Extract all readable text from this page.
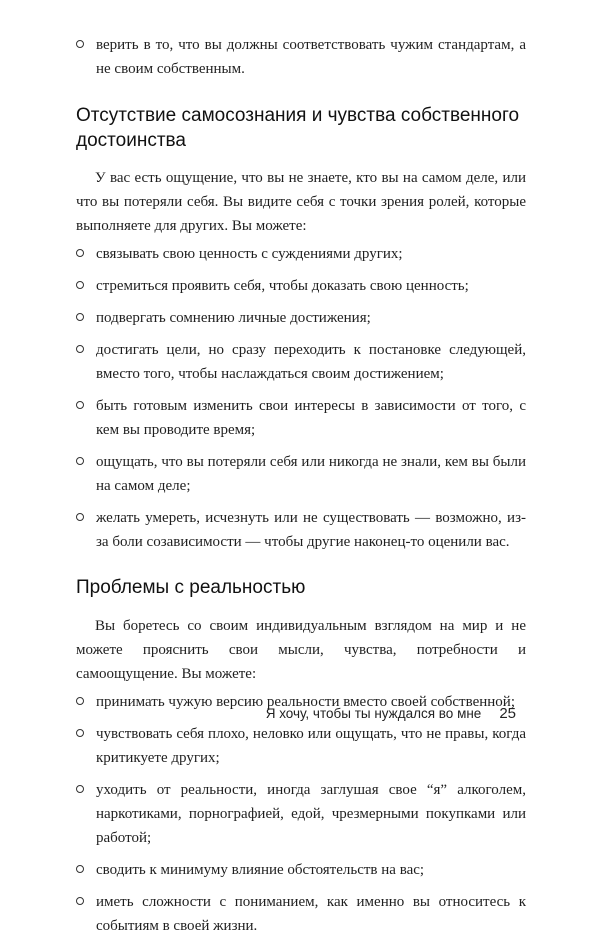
верить в то, что вы должны соответствовать чужим стандартам, а не своим собственным.
Отсутствие самосознания и чувства собственного достоинства

У вас есть ощущение, что вы не знаете, кто вы на самом деле, или что вы потеряли себя. Вы видите себя с точки зрения ролей, которые выполняете для других. Вы можете:

связывать свою ценность с суждениями других;
стремиться проявить себя, чтобы доказать свою ценность;
подвергать сомнению личные достижения;
достигать цели, но сразу переходить к постановке следующей, вместо того, чтобы наслаждаться своим достижением;
быть готовым изменить свои интересы в зависимости от того, с кем вы проводите время;
ощущать, что вы потеряли себя или никогда не знали, кем вы были на самом деле;
желать умереть, исчезнуть или не существовать — возможно, из-за боли созависимости — чтобы другие наконец-то оценили вас.
Проблемы с реальностью

Вы боретесь со своим индивидуальным взглядом на мир и не можете прояснить свои мысли, чувства, потребности и самоощущение. Вы можете:

принимать чужую версию реальности вместо своей собственной;
чувствовать себя плохо, неловко или ощущать, что не правы, когда критикуете других;
уходить от реальности, иногда заглушая свое “я” алкоголем, наркотиками, порнографией, едой, чрезмерными покупками или работой;
сводить к минимуму влияние обстоятельств на вас;
иметь сложности с пониманием, как именно вы относитесь к событиям в своей жизни.
Я хочу, чтобы ты нуждался во мне 25
